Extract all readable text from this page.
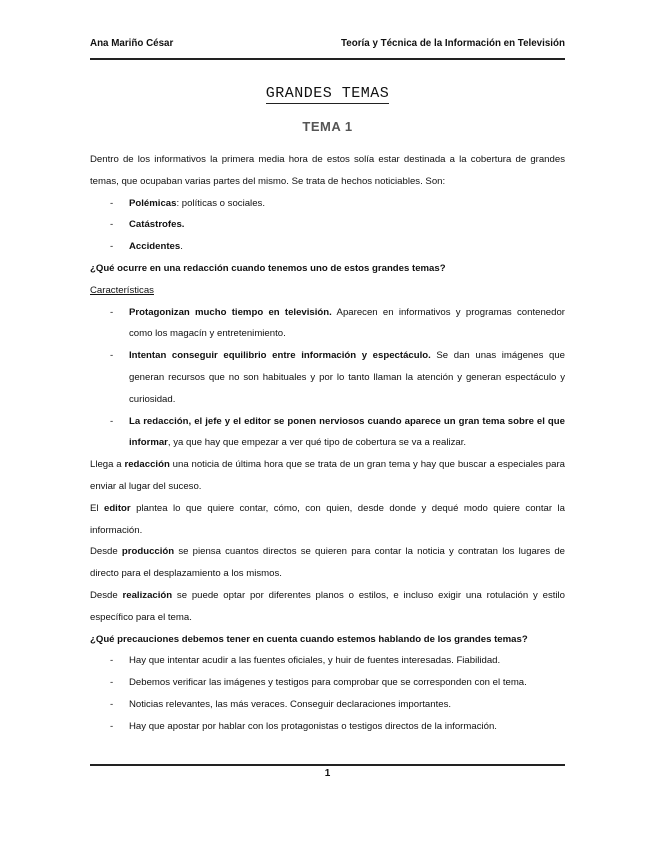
Ana Mariño César	Teoría y Técnica de la Información en Televisión
GRANDES TEMAS
TEMA 1

Dentro de los informativos la primera media hora de estos solía estar destinada a la cobertura de grandes temas, que ocupaban varias partes del mismo. Se trata de hechos noticiables. Son:

- Polémicas: políticas o sociales.
- Catástrofes.
- Accidentes.

¿Qué ocurre en una redacción cuando tenemos uno de estos grandes temas?

Características

- Protagonizan mucho tiempo en televisión. Aparecen en informativos y programas contenedor como los magacín y entretenimiento.
- Intentan conseguir equilibrio entre información y espectáculo. Se dan unas imágenes que generan recursos que no son habituales y por lo tanto llaman la atención y generan espectáculo y curiosidad.
- La redacción, el jefe y el editor se ponen nerviosos cuando aparece un gran tema sobre el que informar, ya que hay que empezar a ver qué tipo de cobertura se va a realizar.

Llega a redacción una noticia de última hora que se trata de un gran tema y hay que buscar a especiales para enviar al lugar del suceso.

El editor plantea lo que quiere contar, cómo, con quien, desde donde y dequé modo quiere contar la información.

Desde producción se piensa cuantos directos se quieren para contar la noticia y contratan los lugares de directo para el desplazamiento a los mismos.

Desde realización se puede optar por diferentes planos o estilos, e incluso exigir una rotulación y estilo específico para el tema.

¿Qué precauciones debemos tener en cuenta cuando estemos hablando de los grandes temas?

- Hay que intentar acudir a las fuentes oficiales, y huir de fuentes interesadas. Fiabilidad.
- Debemos verificar las imágenes y testigos para comprobar que se corresponden con el tema.
- Noticias relevantes, las más veraces. Conseguir declaraciones importantes.
- Hay que apostar por hablar con los protagonistas o testigos directos de la información.
1
